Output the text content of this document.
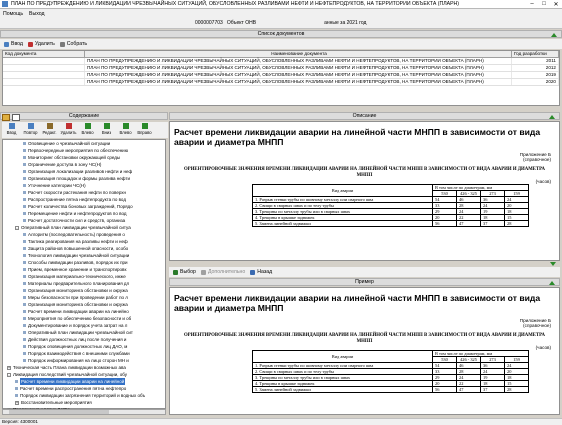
ПЛАН ПО ПРЕДУПРЕЖДЕНИЮ И ЛИКВИДАЦИИ ЧРЕЗВЫЧАЙНЫХ СИТУАЦИЙ, ОБУСЛОВЛЕННЫХ РАЗЛИВАМИ НЕФТИ И НЕФТЕПРОДУКТОВ, НА ТЕРРИТОРИИ ОБЪЕКТА (ПЛАРН)	–	□	✕
Помощь Выход
0000007703 Объект ОНВ	анные за 2021 год
Список документов
Ввод Удалить Собрать
Код документа	Наименование документа	Год разработки
ПЛАН ПО ПРЕДУПРЕЖДЕНИЮ И ЛИКВИДАЦИИ ЧРЕЗВЫЧАЙНЫХ СИТУАЦИЙ, ОБУСЛОВЛЕННЫХ РАЗЛИВАМИ НЕФТИ И НЕФТЕПРОДУКТОВ, НА ТЕРРИТОРИИ ОБЪЕКТА (ПЛАРН)	2011
ПЛАН ПО ПРЕДУПРЕЖДЕНИЮ И ЛИКВИДАЦИИ ЧРЕЗВЫЧАЙНЫХ СИТУАЦИЙ, ОБУСЛОВЛЕННЫХ РАЗЛИВАМИ НЕФТИ И НЕФТЕПРОДУКТОВ, НА ТЕРРИТОРИИ ОБЪЕКТА (ПЛАРН)	2012
ПЛАН ПО ПРЕДУПРЕЖДЕНИЮ И ЛИКВИДАЦИИ ЧРЕЗВЫЧАЙНЫХ СИТУАЦИЙ, ОБУСЛОВЛЕННЫХ РАЗЛИВАМИ НЕФТИ И НЕФТЕПРОДУКТОВ, НА ТЕРРИТОРИИ ОБЪЕКТА (ПЛАРН)	2019
ПЛАН ПО ПРЕДУПРЕЖДЕНИЮ И ЛИКВИДАЦИИ ЧРЕЗВЫЧАЙНЫХ СИТУАЦИЙ, ОБУСЛОВЛЕННЫХ РАЗЛИВАМИ НЕФТИ И НЕФТЕПРОДУКТОВ, НА ТЕРРИТОРИИ ОБЪЕКТА (ПЛАРН)	2020
Содержание
Ввод Повтор Редакт. Удалить Влево Вниз Влево Вправо
Оповещение о чрезвычайной ситуации
Первоочередные мероприятия по обеспечению
Мониторинг обстановки окружающей среды
Ограничение доступа в зону ЧС(Н)
Организация локализации разливов нефти и неф
Организация площадок и формы разлива нефти
Уточнение категории ЧС(Н)
Расчет скорости растекания нефти по поверхн
Распространение пятна нефтепродукта по вод
Расчет количества боновых заграждений, Порядо
Перемещение нефти и нефтепродуктов по вод
Расчет достаточности сил и средств, организа
- Оперативный план ликвидации чрезвычайной ситуа
Алгоритм (последовательность) проведения о
Тактика реагирования на разливы нефти и неф
Защита районов повышенной опасности, особо
Технология ликвидации чрезвычайной ситуации
Способы ликвидации разливов, порядок их при
Прием, временное хранение и транспортировк
Организация материально-технического, инже
Материалы предварительного планирования дл
Организация мониторинга обстановки и окружа
Меры безопасности при проведении работ по л
Организация мониторинга обстановки и окружа
Расчет времени ликвидации аварии на линейно
Мероприятия по обеспечению безопасности и об
Документирование и порядок учета затрат на л
Оперативный план ликвидации чрезвычайной сит
Действия должностных лиц после получения и
Порядок оповещения должностных лиц ДАО, м
Порядок взаимодействия с внешними службами
Порядок информирования на лицо сторон МН и
+ Техническая часть Плана ликвидации возможных ава
- Ликвидация последствий чрезвычайной ситуации, обу
Расчет времени ликвидации аварии на линейной
Расчет времени распространения пятна нефтепро
Порядок ликвидации загрязнения территорий и водных объ
+ Восстановительные мероприятия
Описание
Расчет времени ликвидации аварии на линейной части МНПП в зависимости от вида аварии и диаметра МНПП
Приложение Б
(справочное)
ОРИЕНТИРОВОЧНЫЕ ЗНАЧЕНИЯ ВРЕМЕНИ ЛИКВИДАЦИИ АВАРИИ НА ЛИНЕЙНОЙ ЧАСТИ МНПП В ЗАВИСИМОСТИ ОТ ВИДА АВАРИИ И ДИАМЕТРА МНПП
(часов)
Вид аварии	В том числе по диаметрам, мм			
	530	426 - 325	273	159
1. Разрыв стенки трубы по шовному металлу или сварного шва	54	46	36	24
2. Свищи в сварных швах и по телу трубы	33	28	24	20
3. Трещины по металлу трубы или в сварных швах	29	24	19	18
4. Трещины в крышке задвижек	20	22	18	15
5. Замена линейной задвижки	56	47	37	28
Выбор Дополнительно Назад
Пример
Расчет времени ликвидации аварии на линейной части МНПП в зависимости от вида аварии и диаметра МНПП
Приложение Б
(справочное)
ОРИЕНТИРОВОЧНЫЕ ЗНАЧЕНИЯ ВРЕМЕНИ ЛИКВИДАЦИИ АВАРИИ НА ЛИНЕЙНОЙ ЧАСТИ МНПП В ЗАВИСИМОСТИ ОТ ВИДА АВАРИИ И ДИАМЕТРА МНПП
(часов)
Вид аварии	В том числе по диаметрам, мм			
	530	426 - 325	273	159
1. Разрыв стенки трубы по шовному металлу или сварного шва	54	46	36	24
2. Свищи в сварных швах и по телу трубы	33	28	24	20
3. Трещины по металлу трубы или в сварных швах	29	24	19	18
4. Трещины в крышке задвижек	20	22	18	15
5. Замена линейной задвижки	56	47	37	28
Версия: 4300001
